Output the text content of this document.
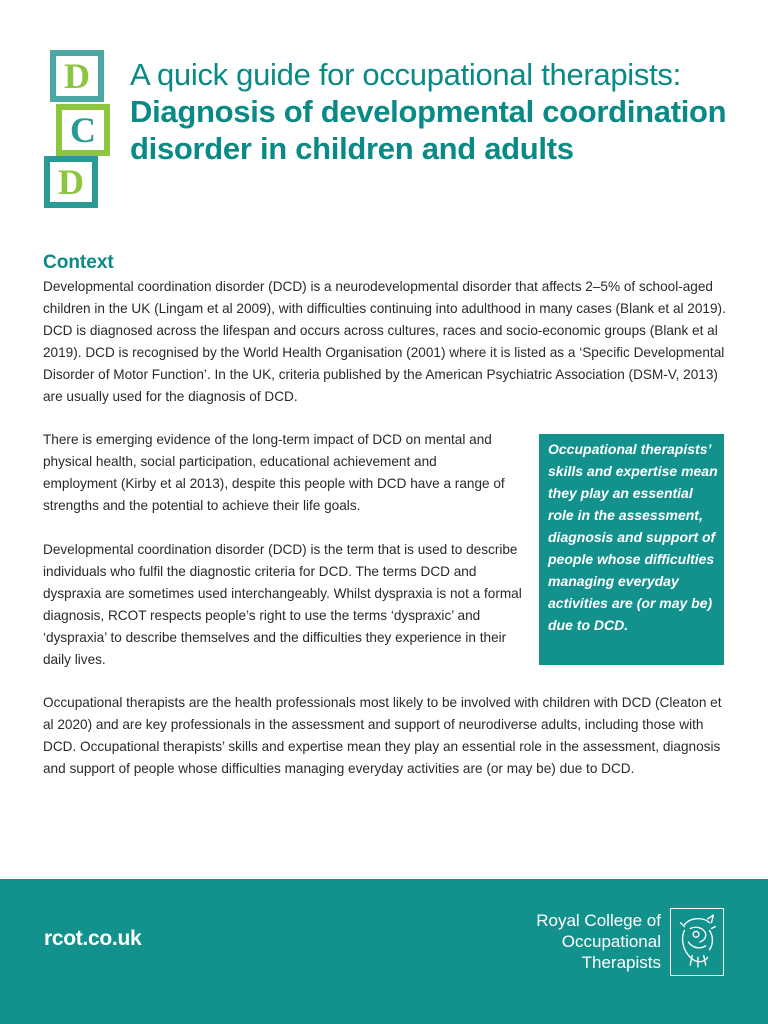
D
C
D
A quick guide for occupational therapists: Diagnosis of developmental coordination disorder in children and adults
Context

Developmental coordination disorder (DCD) is a neurodevelopmental disorder that affects 2–5% of school-aged children in the UK (Lingam et al 2009), with difficulties continuing into adulthood in many cases (Blank et al 2019). DCD is diagnosed across the lifespan and occurs across cultures, races and socio-economic groups (Blank et al 2019). DCD is recognised by the World Health Organisation (2001) where it is listed as a ‘Specific Developmental Disorder of Motor Function’. In the UK, criteria published by the American Psychiatric Association (DSM-V, 2013) are usually used for the diagnosis of DCD.

There is emerging evidence of the long-term impact of DCD on mental and physical health, social participation, educational achievement and employment (Kirby et al 2013), despite this people with DCD have a range of strengths and the potential to achieve their life goals.

Developmental coordination disorder (DCD) is the term that is used to describe individuals who fulfil the diagnostic criteria for DCD. The terms DCD and dyspraxia are sometimes used interchangeably. Whilst dyspraxia is not a formal diagnosis, RCOT respects people’s right to use the terms ‘dyspraxic’ and ‘dyspraxia’ to describe themselves and the difficulties they experience in their daily lives.

Occupational therapists’ skills and expertise mean they play an essential role in the assessment, diagnosis and support of people whose difficulties managing everyday activities are (or may be) due to DCD.

Occupational therapists are the health professionals most likely to be involved with children with DCD (Cleaton et al 2020) and are key professionals in the assessment and support of neurodiverse adults, including those with DCD. Occupational therapists’ skills and expertise mean they play an essential role in the assessment, diagnosis and support of people whose difficulties managing everyday activities are (or may be) due to DCD.

rcot.co.uk
Royal College of
Occupational
Therapists
